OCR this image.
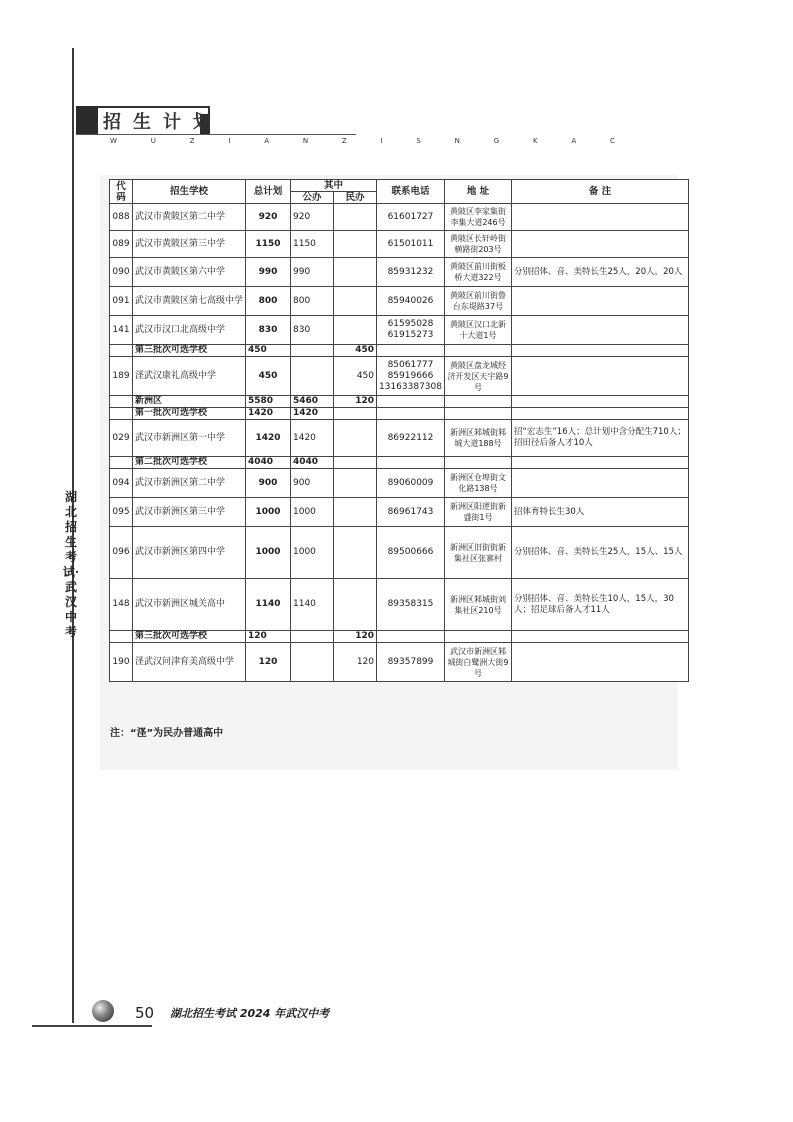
招生计划
W U Z I A N Z I S N G K A C
湖北招生考试·武汉中考
代码	招生学校	总计划	其中		联系电话	地 址	备 注
			公办	民办			
088	武汉市黄陂区第二中学	920	920		61601727	黄陂区李家集街李集大道246号	
089	武汉市黄陂区第三中学	1150	1150		61501011	黄陂区长轩岭街横路街203号	
090	武汉市黄陂区第六中学	990	990		85931232	黄陂区前川街板桥大道322号	分别招体、音、美特长生25人，20人，20人
091	武汉市黄陂区第七高级中学	800	800		85940026	黄陂区前川街鲁台东堤路37号	
141	武汉市汉口北高级中学	830	830		61595028 61915273	黄陂区汉口北新十大道1号	
	第三批次可选学校	450		450			
189	㳗武汉康礼高级中学	450		450	85061777 85919666 13163387308	黄陂区盘龙城经济开发区天宇路9号	
	新洲区	5580	5460	120			
	第一批次可选学校	1420	1420				
029	武汉市新洲区第一中学	1420	1420		86922112	新洲区邾城街邾城大道188号	招“宏志生”16人；总计划中含分配生710人；招田径后备人才10人
	第二批次可选学校	4040	4040				
094	武汉市新洲区第二中学	900	900		89060009	新洲区仓埠街文化路138号	
095	武汉市新洲区第三中学	1000	1000		86961743	新洲区阳逻街新盛街1号	招体育特长生30人
096	武汉市新洲区第四中学	1000	1000		89500666	新洲区旧街街新集社区张寨村	分别招体、音、美特长生25人，15人、15人
148	武汉市新洲区城关高中	1140	1140		89358315	新洲区邾城街刘集社区210号	分别招体、音、美特长生10人，15人，30人；招足球后备人才11人
	第三批次可选学校	120		120			
190	㳗武汉问津育美高级中学	120		120	89357899	武汉市新洲区邾城街白鹭洲大街9号	
注：“㳗”为民办普通高中
50 湖北招生考试 2024 年武汉中考
